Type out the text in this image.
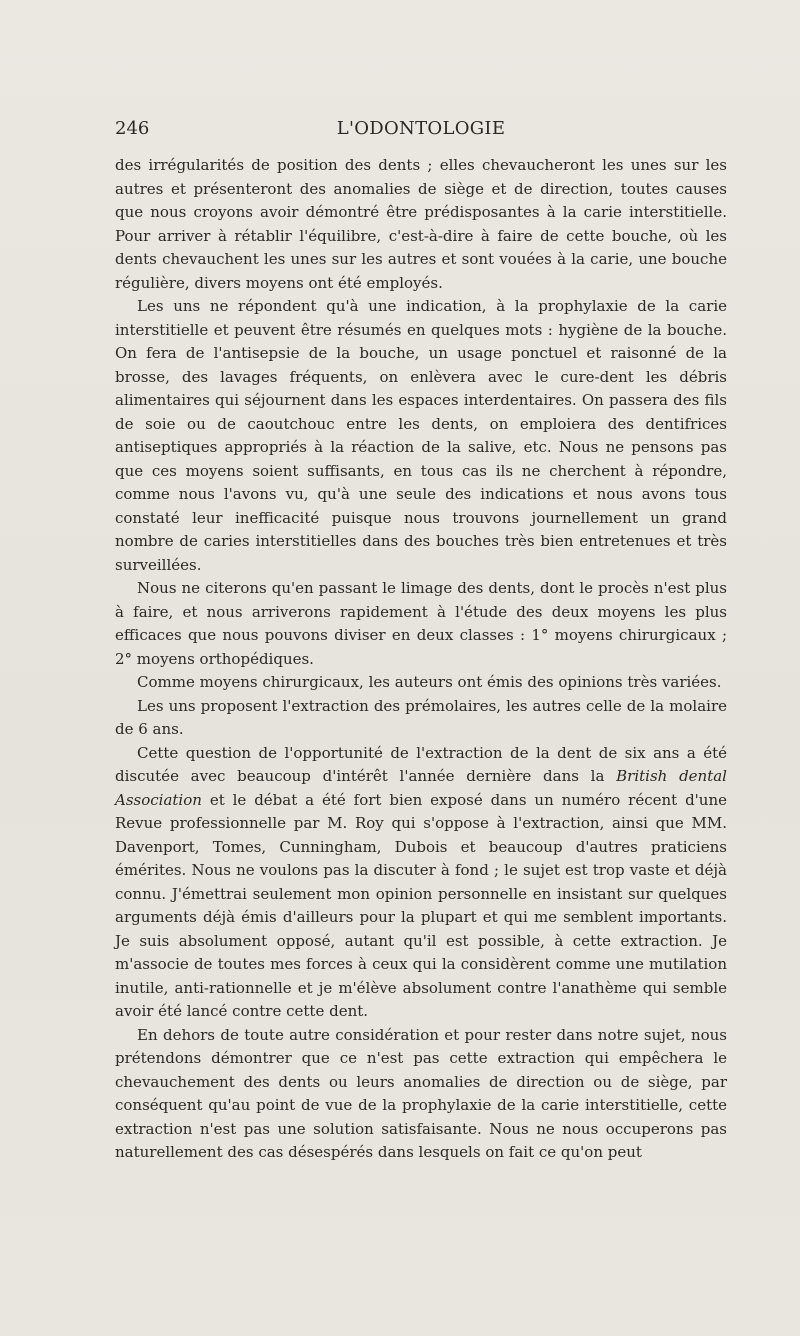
246	L'ODONTOLOGIE

des irrégularités de position des dents ; elles chevaucheront les unes sur les autres et présenteront des anomalies de siège et de direction, toutes causes que nous croyons avoir démontré être prédisposantes à la carie interstitielle. Pour arriver à rétablir l'équilibre, c'est-à-dire à faire de cette bouche, où les dents chevauchent les unes sur les autres et sont vouées à la carie, une bouche régulière, divers moyens ont été employés.

Les uns ne répondent qu'à une indication, à la prophylaxie de la carie interstitielle et peuvent être résumés en quelques mots : hygiène de la bouche. On fera de l'antisepsie de la bouche, un usage ponctuel et raisonné de la brosse, des lavages fréquents, on enlèvera avec le cure-dent les débris alimentaires qui séjournent dans les espaces interdentaires. On passera des fils de soie ou de caoutchouc entre les dents, on emploiera des dentifrices antiseptiques appropriés à la réaction de la salive, etc. Nous ne pensons pas que ces moyens soient suffisants, en tous cas ils ne cherchent à répondre, comme nous l'avons vu, qu'à une seule des indications et nous avons tous constaté leur inefficacité puisque nous trouvons journellement un grand nombre de caries interstitielles dans des bouches très bien entretenues et très surveillées.

Nous ne citerons qu'en passant le limage des dents, dont le procès n'est plus à faire, et nous arriverons rapidement à l'étude des deux moyens les plus efficaces que nous pouvons diviser en deux classes : 1° moyens chirurgicaux ; 2° moyens orthopédiques.

Comme moyens chirurgicaux, les auteurs ont émis des opinions très variées.

Les uns proposent l'extraction des prémolaires, les autres celle de la molaire de 6 ans.

Cette question de l'opportunité de l'extraction de la dent de six ans a été discutée avec beaucoup d'intérêt l'année dernière dans la British dental Association et le débat a été fort bien exposé dans un numéro récent d'une Revue professionnelle par M. Roy qui s'oppose à l'extraction, ainsi que MM. Davenport, Tomes, Cunningham, Dubois et beaucoup d'autres praticiens émérites. Nous ne voulons pas la discuter à fond ; le sujet est trop vaste et déjà connu. J'émettrai seulement mon opinion personnelle en insistant sur quelques arguments déjà émis d'ailleurs pour la plupart et qui me semblent importants. Je suis absolument opposé, autant qu'il est possible, à cette extraction. Je m'associe de toutes mes forces à ceux qui la considèrent comme une mutilation inutile, anti-rationnelle et je m'élève absolument contre l'anathème qui semble avoir été lancé contre cette dent.

En dehors de toute autre considération et pour rester dans notre sujet, nous prétendons démontrer que ce n'est pas cette extraction qui empêchera le chevauchement des dents ou leurs anomalies de direction ou de siège, par conséquent qu'au point de vue de la prophylaxie de la carie interstitielle, cette extraction n'est pas une solution satisfaisante. Nous ne nous occuperons pas naturellement des cas désespérés dans lesquels on fait ce qu'on peut
